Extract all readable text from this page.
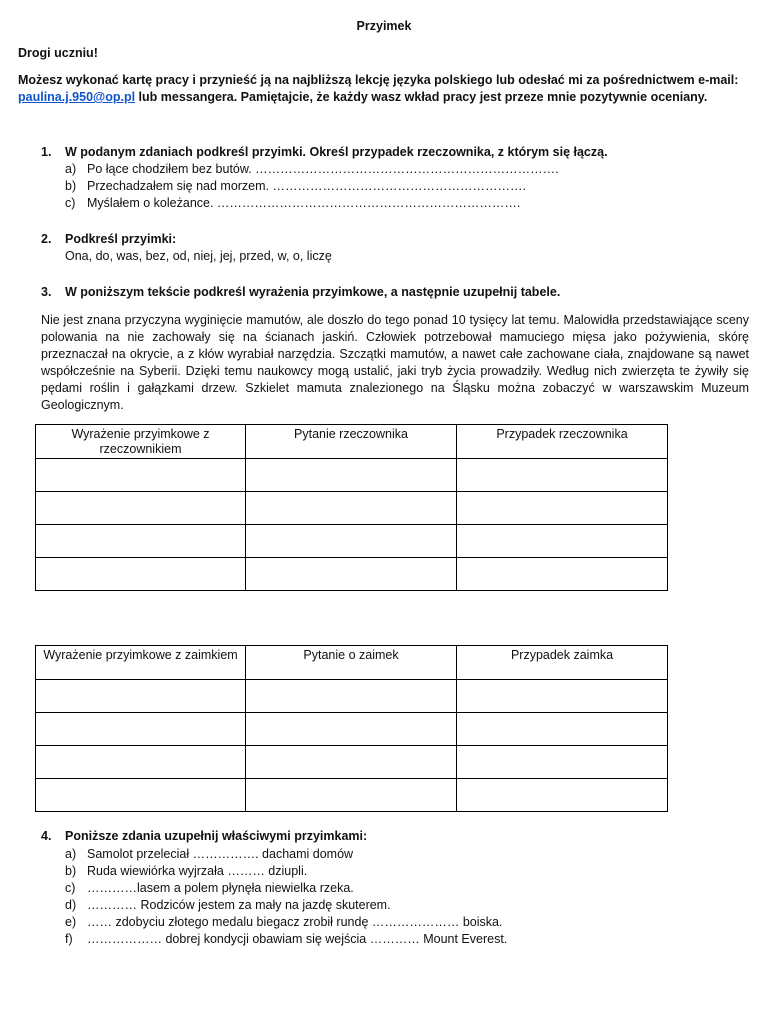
Przyimek
Drogi uczniu!
Możesz wykonać kartę pracy i przynieść ją na najbliższą lekcję języka polskiego lub odesłać mi za pośrednictwem e-mail: paulina.j.950@op.pl lub messangera. Pamiętajcie, że każdy wasz wkład pracy jest przeze mnie pozytywnie oceniany.
1. W podanym zdaniach podkreśl przyimki. Określ przypadek rzeczownika, z którym się łączą.
a) Po łące chodziłem bez butów. ……………………………………………………………….
b) Przechadzałem się nad morzem. …………………………………………………….
c) Myślałem o koleżance. ……………………………………………………………….
2. Podkreśl przyimki:
Ona, do, was, bez, od, niej, jej, przed, w, o, liczę
3. W poniższym tekście podkreśl wyrażenia przyimkowe, a następnie uzupełnij tabele.
Nie jest znana przyczyna wyginięcie mamutów, ale doszło do tego ponad 10 tysięcy lat temu. Malowidła przedstawiające sceny polowania na nie zachowały się na ścianach jaskiń. Człowiek potrzebował mamuciego mięsa jako pożywienia, skórę przeznaczał na okrycie, a z kłów wyrabiał narzędzia. Szczątki mamutów, a nawet całe zachowane ciała, znajdowane są nawet współcześnie na Syberii. Dzięki temu naukowcy mogą ustalić, jaki tryb życia prowadziły. Według nich zwierzęta te żywiły się pędami roślin i gałązkami drzew. Szkielet mamuta znalezionego na Śląsku można zobaczyć w warszawskim Muzeum Geologicznym.
Wyrażenie przyimkowe z rzeczownikiem	Pytanie rzeczownika	Przypadek rzeczownika

Wyrażenie przyimkowe z zaimkiem	Pytanie o zaimek	Przypadek zaimka

4. Poniższe zdania uzupełnij właściwymi przyimkami:
a) Samolot przeleciał ……………. dachami domów
b) Ruda wiewiórka wyjrzała ……… dziupli.
c) …………lasem a polem płynęła niewielka rzeka.
d) ………… Rodziców jestem za mały na jazdę skuterem.
e) …… zdobyciu złotego medalu biegacz zrobił rundę ………………… boiska.
f) ……………… dobrej kondycji obawiam się wejścia ………… Mount Everest.
